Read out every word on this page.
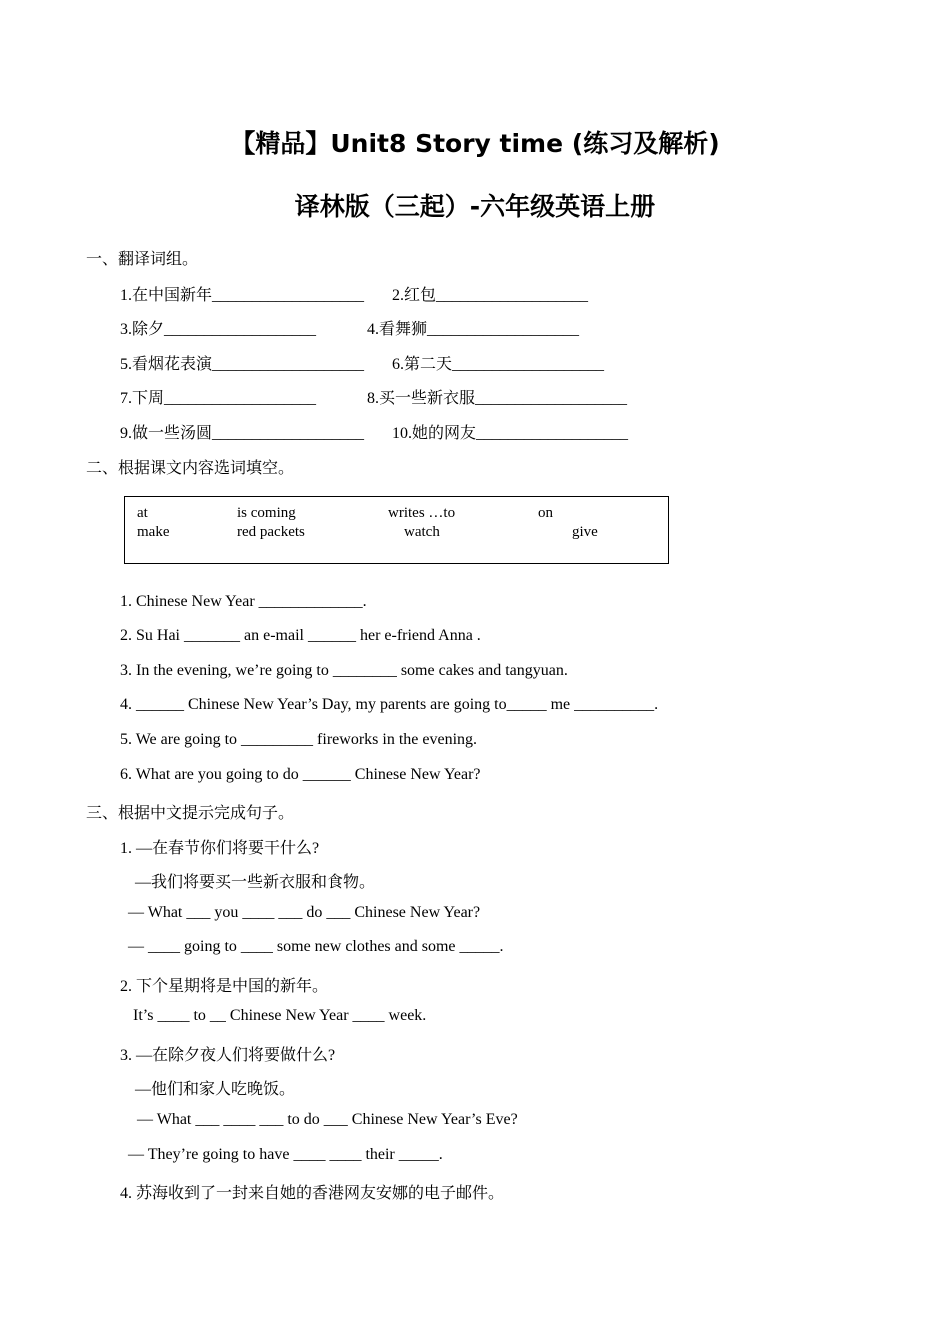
【精品】Unit8 Story time (练习及解析)
译林版（三起）-六年级英语上册
一、翻译词组。
1.在中国新年___________________ 2.红包___________________
3.除夕___________________	4.看舞狮___________________
5.看烟花表演___________________ 6.第二天___________________
7.下周___________________	8.买一些新衣服___________________
9.做一些汤圆___________________ 10.她的网友___________________
二、根据课文内容选词填空。
at	is coming	writes …to	on
make	red packets	watch	give
1. Chinese New Year _____________.
2. Su Hai _______ an e-mail ______ her e-friend Anna .
3. In the evening, we’re going to ________ some cakes and tangyuan.
4. ______ Chinese New Year’s Day, my parents are going to_____ me __________.
5. We are going to _________ fireworks in the evening.
6. What are you going to do ______ Chinese New Year?
三、根据中文提示完成句子。
1. —在春节你们将要干什么?
—我们将要买一些新衣服和食物。
— What ___ you ____ ___ do ___ Chinese New Year?
— ____ going to ____ some new clothes and some _____.
2. 下个星期将是中国的新年。
It’s ____ to __ Chinese New Year ____ week.
3. —在除夕夜人们将要做什么?
—他们和家人吃晚饭。
— What ___ ____ ___ to do ___ Chinese New Year’s Eve?
— They’re going to have ____ ____ their _____.
4. 苏海收到了一封来自她的香港网友安娜的电子邮件。
